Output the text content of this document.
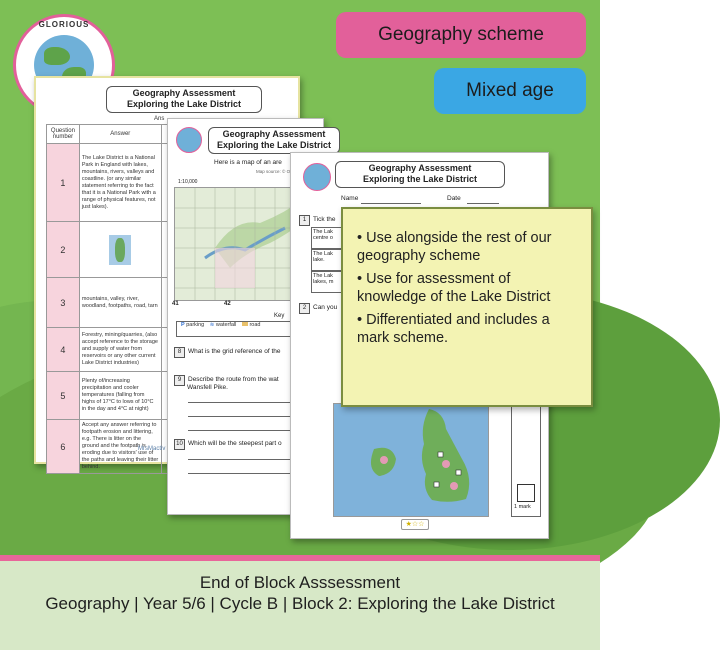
GLORIOUS	Geography scheme
Mixed age
Geography Assessment
Exploring the Lake District
Ans
Question number	Answer	
1	The Lake District is a National Park in England with lakes, mountains, rivers, valleys and coastline. (or any similar statement referring to the fact that it is a National Park with a range of physical features, not just lakes).	
2	

3	mountains, valley, river, woodland, footpaths, road, tarn	
4	Forestry, mining/quarries, (also accept reference to the storage and supply of water from reservoirs or any other current Lake District industries)	
5	Plenty of/increasing precipitation and cooler temperatures (falling from highs of 17°C to lows of 10°C in the day and 4°C at night)	
6	Accept any answer referring to footpath erosion and littering, e.g. There is litter on the ground and the footpath is eroding due to visitors' use of the paths and leaving their litter behind.	
MrsMactiv
Geography Assessment
Exploring the Lake District
Here is a map of an are
1:10,000
Map source: © O
41	42
Key
P parking ≋ waterfall road
8 What is the grid reference of the
9 Describe the route from the wat
Wansfell Pike.
10 Which will be the steepest part o
Geography Assessment
Exploring the Lake District
Name	Date
1 Tick the
The Lak centre o
The Lak lake.
The Lak lakes, m
2 Can you
1 mark
★☆☆
• Use alongside the rest of our geography scheme
• Use for assessment of knowledge of the Lake District
• Differentiated and includes a mark scheme.
End of Block Asssessment
Geography | Year 5/6 | Cycle B | Block 2: Exploring the Lake District
